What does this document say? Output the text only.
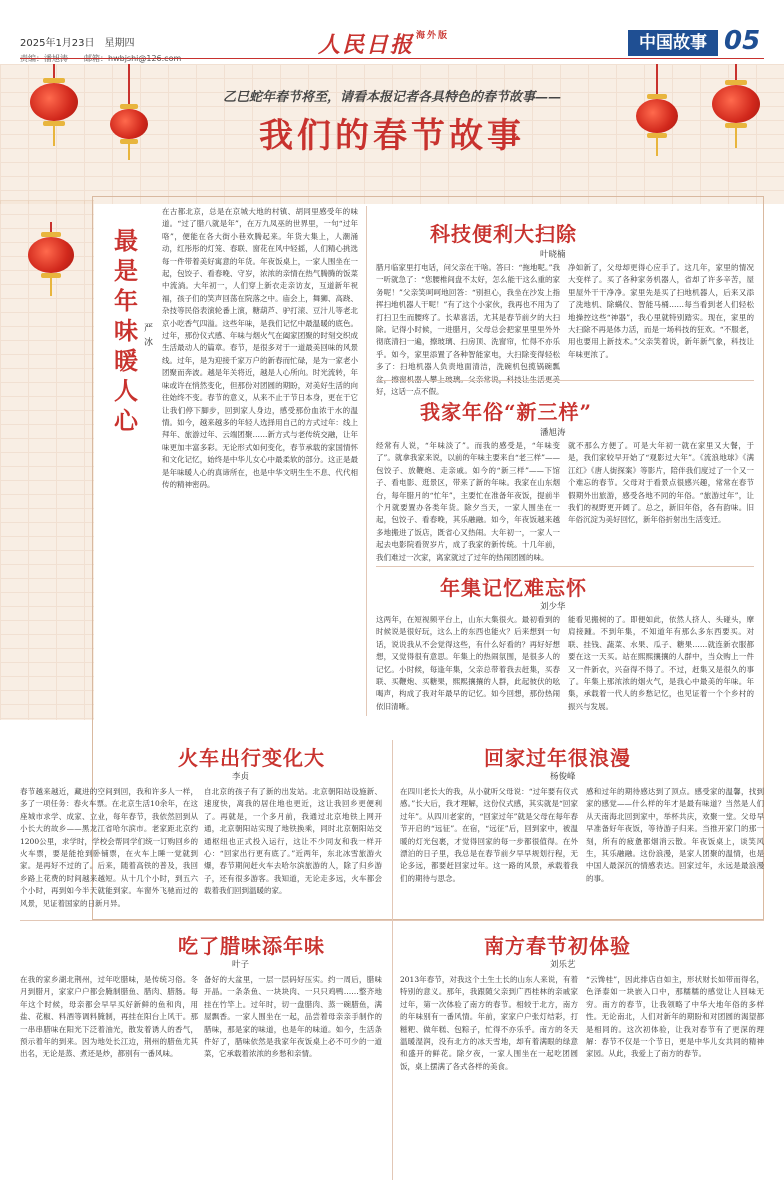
2025年1月23日　星期四	人民日报 $^{海外版}$	中国故事 05
乙巳蛇年春节将至，请看本报记者各具特色的春节故事——
我们的春节故事
最是年味暖人心
严冰
在古都北京，总是在京城大地的村镇、胡同里感受年的味道。“过了腊八就是年”，在万九凤巫的世界里，一句“过年咯”，便能在各大街小巷欢腾起来。年货大集上，人潮涌动，红彤彤的灯笼、春联、窗花在风中轻摇，人们精心挑选每一件带着美好寓意的年货。年夜饭桌上，一家人围坐在一起，包饺子、看春晚、守岁，浓浓的亲情在热气腾腾的饭菜中流淌。大年初一，人们穿上新衣走亲访友，互道新年祝福，孩子们的笑声回荡在院落之中。庙会上，舞狮、高跷、杂技等民俗表演轮番上演，糖葫芦、驴打滚、豆汁儿等老北京小吃香气四溢。这些年味，是我们记忆中最温暖的底色。过年，那份仪式感、年味与烟火气在阖家团聚的时刻交织成生活最动人的篇章。春节，是很多对于一道最美回味的风景线。过年，是为迎接千家万户的新春而忙碌，是为一家老小团聚而奔波。越是年关将近，越是人心所向。时光流转，年味或许在悄然变化，但那份对团圆的期盼，对美好生活的向往始终不变。春节的意义，从来不止于节日本身，更在于它让我们停下脚步，回到家人身边，感受那份血浓于水的温情。如今，越来越多的年轻人选择用自己的方式过年：线上拜年、旅游过年、云端团聚……新方式与老传统交融，让年味更加丰富多彩。无论形式如何变化，春节承载的家国情怀和文化记忆，始终是中华儿女心中最柔软的部分。这正是最是年味暖人心的真谛所在，也是中华文明生生不息、代代相传的精神密码。
科技便利大扫除
叶晓楠
腊月临家里打电话，问父亲在干啥。答曰：“拖地呢。”我一听就急了：“您腰椎间盘不太好，怎么能干这么重的家务呢！”父亲笑呵呵地回答：“别担心，我坐在沙发上指挥扫地机器人干呢！”有了这个小家伙，我再也不用为了打扫卫生而腰疼了。长辈喜活，尤其是春节前夕的大扫除。记得小时候，一进腊月，父母总会把家里里里外外彻底清扫一遍，擦玻璃、扫房顶、洗窗帘，忙得不亦乐乎。如今，家里添置了各种智能家电，大扫除变得轻松多了：扫地机器人负责地面清洁，洗碗机包揽锅碗瓢 好，这话一点不假。
净如新了，父母却更得心应手了。这几年，家里的情况大变样了。买了各种家务机器人，省却了许多辛苦，屋里屋外干干净净。家里先是买了扫地机器人，后来又添了洗地机、除螨仪、智能马桶……每当看到老人们轻松地操控这些“神器”，我心里就特别踏实。现在，家里的大扫除不再是体力活，而是一场科技的狂欢。“不服老，用也要用上新技术。”父亲笑着说，新年新气象，科技让年味更浓了。
我家年俗“新三样”
潘旭涛
经常有人说，“年味淡了”。而我的感受是，“年味变了”。就拿我家来说，以前的年味主要来自“老三样”——包饺子、放鞭炮、走亲戚。如今的“新三样”——下馆子、看电影、逛景区，带来了新的年味。我家在山东烟台，每年腊月的“忙年”，主要忙在准备年夜饭，提前半个月就要置办各类年货。除夕当天，一家人围坐在一起，包饺子、看春晚，其乐融融。如今，年夜饭越来越多地搬进了饭店，既省心又热闹。大年初一，一家人一起去电影院看贺岁片，成了我家的新传统。十几年前，我们难过一次家，离家就过了过年的热闹团圆的味。
就不那么方便了。可是大年初一就在家里又大餐，于是，我们家较早开始了“观影过大年”。《流浪地球》《满江红》《唐人街探案》等影片，陪伴我们度过了一个又一个难忘的春节。父母对于看景点很感兴趣，常常在春节假期外出旅游，感受各地不同的年俗。“旅游过年”，让我们的视野更开阔了。总之，新旧年俗，各有韵味。旧年俗沉淀为美好回忆，新年俗折射出生活变迁。
年集记忆难忘怀
刘少华
这两年，在短视频平台上，山东大集很火。最初看到的时候说是很好玩，这么上的东西也能火？后来想到一句话，说说我从不会觉得这些，有什么好看的？再好好想想，又觉得很有意思。年集上的热闹氛围，是很多人的记忆。小时候，每逢年集，父亲总带着我去赶集，买春联、买鞭炮、买糖果，熙熙攘攘的人群，此起彼伏的吆喝声，构成了我对年最早的记忆。如今回想，那份热闹依旧清晰。
能看见搬树的了。即便如此，依然人挤人、头碰头，摩肩接踵。不到年集，不知道年有那么多东西要买。对联、挂钱、蔬菜、水果、瓜子、糖果……就连新衣服都要在这一天买。站在熙熙攘攘的人群中，当众购上一件又一件新衣，兴奋得不得了。不过，赶集又是很久的事了。年集上那浓浓的烟火气，是我心中最美的年味。年集，承载着一代人的乡愁记忆，也见证着一个个乡村的振兴与发展。
火车出行变化大
李贞
春节越来越近，藏进的空间到回，我和许多人一样，多了一项任务：春火车票。在北京生活10余年，在这座城市求学、成家、立业，每年春节，我依然回到从小长大的故乡——黑龙江省哈尔滨市。老家距北京约1200公里，求学时，学校会帮同学们统一订购回乡的火车票，要是能抢到卧铺票，在火车上睡一觉就到家。是再好不过的了。后来，随着高铁的普及，我回乡路上花费的时间越来越短。从十几个小时，到五六个小时，再到如今半天就能到家。车窗外飞驰而过的风景，见证着国家的日新月异。
自北京的孩子有了新的出发站。北京朝阳站设施新、速度快，离我的居住地也更近，这让我回乡更便利了。再就是，一个多月前，我通过北京地铁上网开通，北京朝阳站实现了地铁换乘，同时北京朝阳站交通枢纽也正式投入运行，这让不少同友和我一样开心：“回家出行更有底了。”近两年，东北冰雪旅游火爆，春节期间赶火车去哈尔滨旅游的人，除了归乡游子，还有很多游客。我知道，无论走多远，火车都会载着我们回到温暖的家。
回家过年很浪漫
杨俊峰
在四川老长大的我，从小就听父母说：“过年要有仪式感。”长大后，我才理解，这份仪式感，其实就是“回家过年”。从四川老家的，“回家过年”就是父母在每年春节开启的“远征”。在宿，“远征”后，回到家中，被温暖的灯光包裹，才觉得回家的每一步都很值得。在外漂泊的日子里，我总是在春节前夕早早规划行程，无论多远，都要赶回家过年。这一路的风景，承载着我们的期待与思念。
感和过年的期待感达到了顶点。感受家的温馨，找到家的感觉——什么样的年才是最有味道？当然是人们从天南海北回到家中，举杯共庆，欢聚一堂。父母早早准备好年夜饭，等待游子归来。当推开家门的那一刻，所有的疲惫都烟消云散。年夜饭桌上，谈笑风生，其乐融融。这份浪漫，是家人团聚的温情，也是中国人最深沉的情感表达。回家过年，永远是最浪漫的事。
吃了腊味添年味
叶子
在我的家乡湖北荆州，过年吃腊味，是传统习俗。冬月到腊月，家家户户都会腌制腊鱼、腊肉、腊肠。每年这个时候，母亲都会早早买好新鲜的鱼和肉，用盐、花椒、料酒等调料腌制，再挂在阳台上风干。那一串串腊味在阳光下泛着油光，散发着诱人的香气，预示着年的到来。因为地处长江边，荆州的腊鱼尤其出名，无论是蒸、煮还是炒，都别有一番风味。
备好的大盆里，一层一层码好压实。约一周后，腊味开晶。一条条鱼、一块块肉、一只只鸡鸭……整齐地挂在竹竿上。过年时，切一盘腊肉、蒸一碗腊鱼，满屋飘香。一家人围坐在一起，品尝着母亲亲手制作的腊味，那是家的味道，也是年的味道。如今，生活条件好了，腊味依然是我家年夜饭桌上必不可少的一道菜，它承载着浓浓的乡愁和亲情。
南方春节初体验
刘乐艺
2013年春节，对我这个土生土长的山东人来说，有着特别的意义。那年，我跟随父亲到广西桂林的亲戚家过年，第一次体验了南方的春节。相较于北方，南方的年味别有一番风情。年前，家家户户张灯结彩，打糍粑、做年糕、包粽子，忙得不亦乐乎。南方的冬天温暖湿润，没有北方的冰天雪地，却有着满眼的绿意和盛开的鲜花。除夕夜，一家人围坐在一起吃团圆饭，桌上摆满了各式各样的美食。
“云馋桂”，因此排店自如主，形状财长如带而得名，色泽泰如一块嵌入口中，那糯糯的感觉让人回味无穷。南方的春节，让我领略了中华大地年俗的多样性。无论南北，人们对新年的期盼和对团圆的渴望都是相同的。这次初体验，让我对春节有了更深的理解：春节不仅是一个节日，更是中华儿女共同的精神家园。从此，我爱上了南方的春节。
